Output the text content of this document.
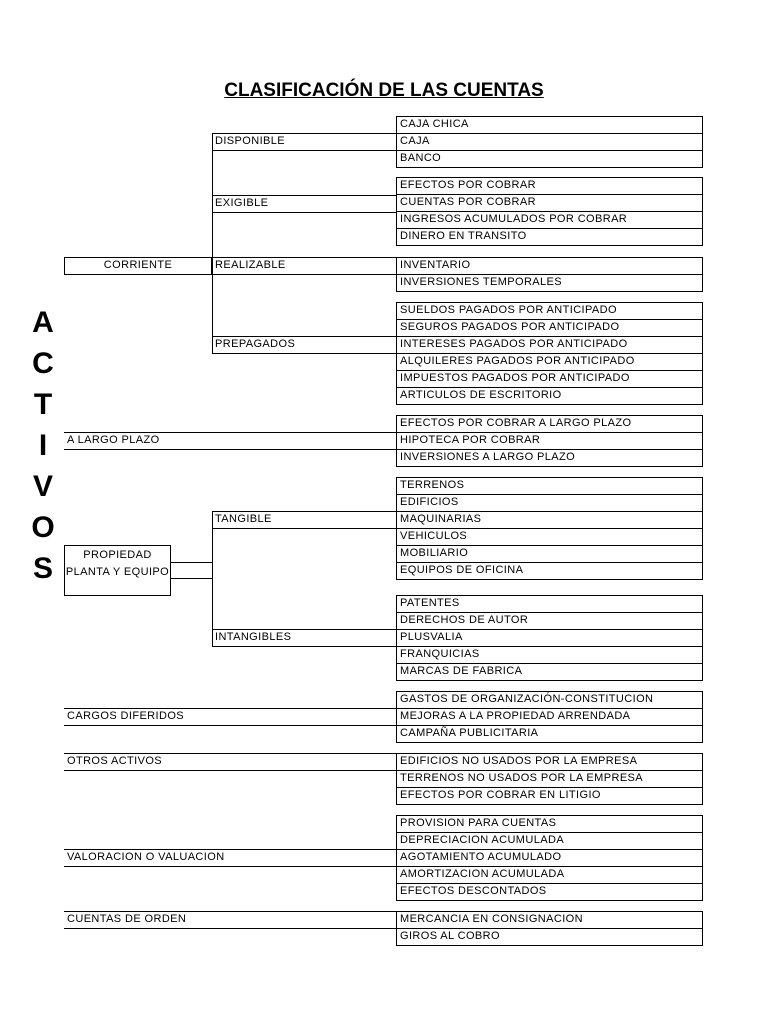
CLASIFICACIÓN DE LAS CUENTAS
CAJA CHICA
CAJA
BANCO
EFECTOS POR COBRAR
CUENTAS POR COBRAR
INGRESOS ACUMULADOS POR COBRAR
DINERO EN TRANSITO
INVENTARIO
INVERSIONES TEMPORALES
SUELDOS PAGADOS POR ANTICIPADO
SEGUROS PAGADOS POR ANTICIPADO
INTERESES PAGADOS POR ANTICIPADO
ALQUILERES PAGADOS POR ANTICIPADO
IMPUESTOS PAGADOS POR ANTICIPADO
ARTICULOS DE ESCRITORIO
EFECTOS POR COBRAR A LARGO PLAZO
HIPOTECA POR COBRAR
INVERSIONES A LARGO PLAZO
TERRENOS
EDIFICIOS
MAQUINARIAS
VEHICULOS
MOBILIARIO
EQUIPOS DE OFICINA
PATENTES
DERECHOS DE AUTOR
PLUSVALIA
FRANQUICIAS
MARCAS DE FABRICA
GASTOS DE ORGANIZACIÓN-CONSTITUCION
MEJORAS A LA PROPIEDAD ARRENDADA
CAMPAÑA PUBLICITARIA
EDIFICIOS NO USADOS POR LA EMPRESA
TERRENOS NO USADOS POR LA EMPRESA
EFECTOS POR COBRAR EN LITIGIO
PROVISION PARA CUENTAS
DEPRECIACION ACUMULADA
AGOTAMIENTO ACUMULADO
AMORTIZACION ACUMULADA
EFECTOS DESCONTADOS
MERCANCIA EN CONSIGNACION
GIROS AL COBRO
DISPONIBLE
EXIGIBLE
REALIZABLE
PREPAGADOS
TANGIBLE
INTANGIBLES
CORRIENTE
A LARGO PLAZO
PROPIEDAD PLANTA Y EQUIPO
CARGOS DIFERIDOS
OTROS ACTIVOS
VALORACION O VALUACION
CUENTAS DE ORDEN
A
C
T
I
V
O
S
